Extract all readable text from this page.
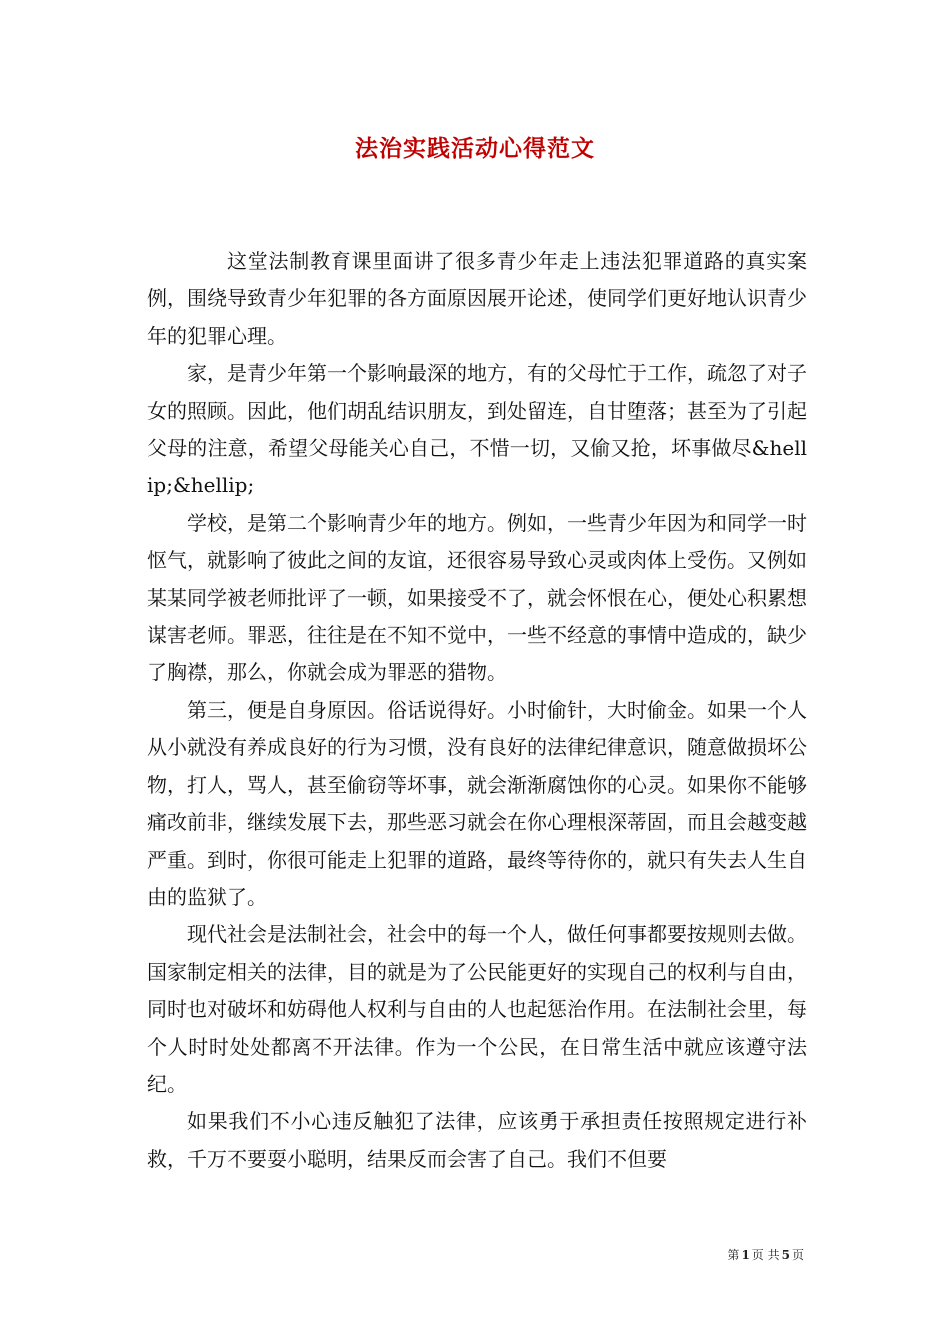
法治实践活动心得范文

这堂法制教育课里面讲了很多青少年走上违法犯罪道路的真实案例，围绕导致青少年犯罪的各方面原因展开论述，使同学们更好地认识青少年的犯罪心理。

家，是青少年第一个影响最深的地方，有的父母忙于工作，疏忽了对子女的照顾。因此，他们胡乱结识朋友，到处留连，自甘堕落；甚至为了引起父母的注意，希望父母能关心自己，不惜一切，又偷又抢，坏事做尽&hellip;&hellip;

学校，是第二个影响青少年的地方。例如，一些青少年因为和同学一时怄气，就影响了彼此之间的友谊，还很容易导致心灵或肉体上受伤。又例如某某同学被老师批评了一顿，如果接受不了，就会怀恨在心，便处心积累想谋害老师。罪恶，往往是在不知不觉中，一些不经意的事情中造成的，缺少了胸襟，那么，你就会成为罪恶的猎物。

第三，便是自身原因。俗话说得好。小时偷针，大时偷金。如果一个人从小就没有养成良好的行为习惯，没有良好的法律纪律意识，随意做损坏公物，打人，骂人，甚至偷窃等坏事，就会渐渐腐蚀你的心灵。如果你不能够痛改前非，继续发展下去，那些恶习就会在你心理根深蒂固，而且会越变越严重。到时，你很可能走上犯罪的道路，最终等待你的，就只有失去人生自由的监狱了。

现代社会是法制社会，社会中的每一个人，做任何事都要按规则去做。国家制定相关的法律，目的就是为了公民能更好的实现自己的权利与自由，同时也对破坏和妨碍他人权利与自由的人也起惩治作用。在法制社会里，每个人时时处处都离不开法律。作为一个公民，在日常生活中就应该遵守法纪。

如果我们不小心违反触犯了法律，应该勇于承担责任按照规定进行补救，千万不要耍小聪明，结果反而会害了自己。我们不但要

第 1 页 共 5 页
